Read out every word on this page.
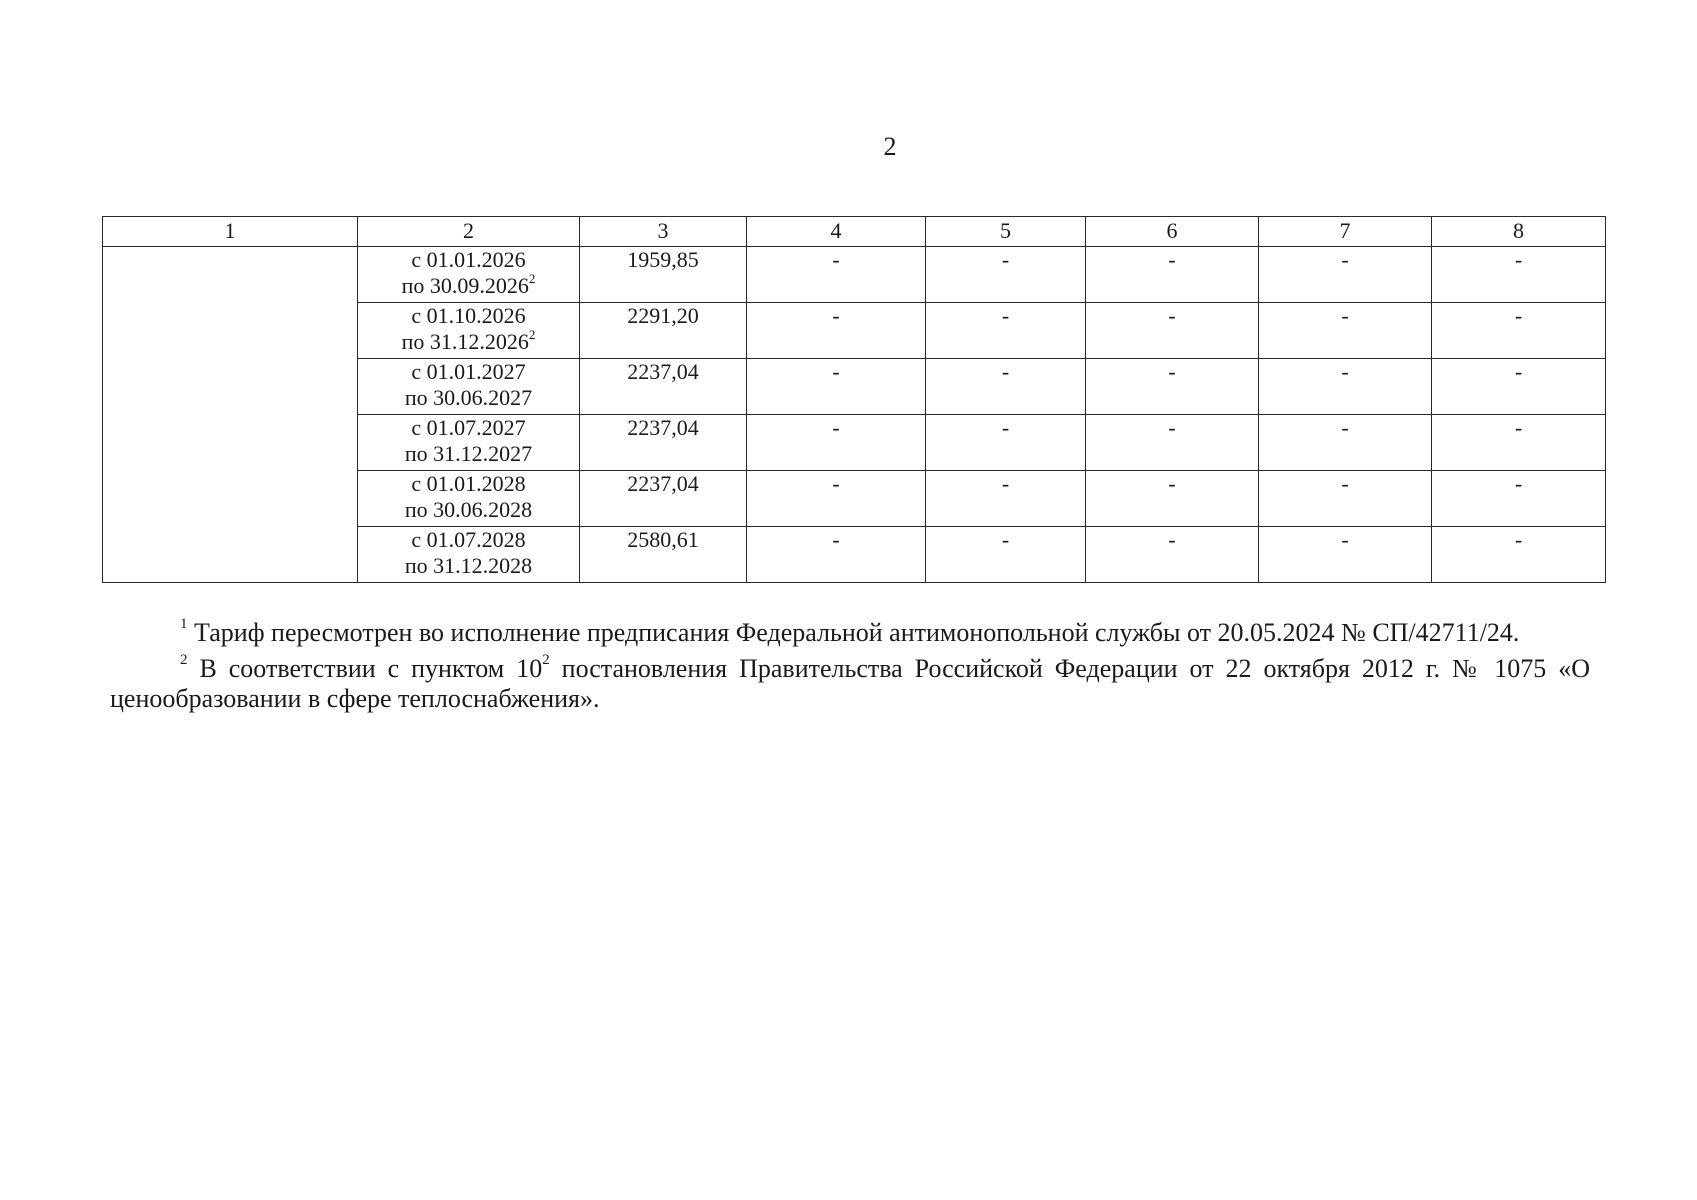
2
1	2	3	4	5	6	7	8

	с 01.01.2026
по 30.09.2026$^2$	1959,85	-	-	-	-	-

	с 01.10.2026
по 31.12.2026$^2$	2291,20	-	-	-	-	-

	с 01.01.2027
по 30.06.2027	2237,04	-	-	-	-	-

	с 01.07.2027
по 31.12.2027	2237,04	-	-	-	-	-

	с 01.01.2028
по 30.06.2028	2237,04	-	-	-	-	-

	с 01.07.2028
по 31.12.2028	2580,61	-	-	-	-	-

$^1$ Тариф пересмотрен во исполнение предписания Федеральной антимонопольной службы от 20.05.2024 № СП/42711/24.

$^2$ В соответствии с пунктом $10^2$ постановления Правительства Российской Федерации от 22 октября 2012 г. № 1075 «О ценообразовании в сфере теплоснабжения».
